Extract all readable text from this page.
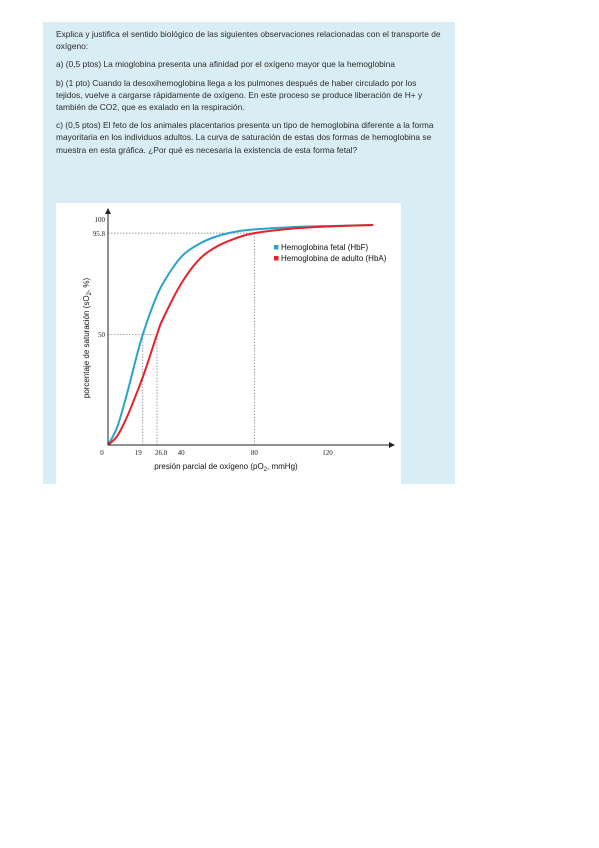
Explica y justifica el sentido biológico de las siguientes observaciones relacionadas con el transporte de oxígeno:

a) (0,5 ptos) La mioglobina presenta una afinidad por el oxígeno mayor que la hemoglobina

b) (1 pto) Cuando la desoxihemoglobina llega a los pulmones después de haber circulado por los tejidos, vuelve a cargarse rápidamente de oxígeno. En este proceso se produce liberación de H+ y también de CO2, que es exalado en la respiración.

c) (0,5 ptos) El feto de los animales placentarios presenta un tipo de hemoglobina diferente a la forma mayoritaria en los individuos adultos. La curva de saturación de estas dos formas de hemoglobina se muestra en esta gráfica. ¿Por qué es necesaria la existencia de esta forma fetal?

0	19 26.8 40	80	120
50
95.8
100
presión parcial de oxígeno ($pO_2$, mmHg)
porcentaje de saturación ($sO_2$, %)
Hemoglobina fetal (HbF)
Hemoglobina de adulto (HbA)
